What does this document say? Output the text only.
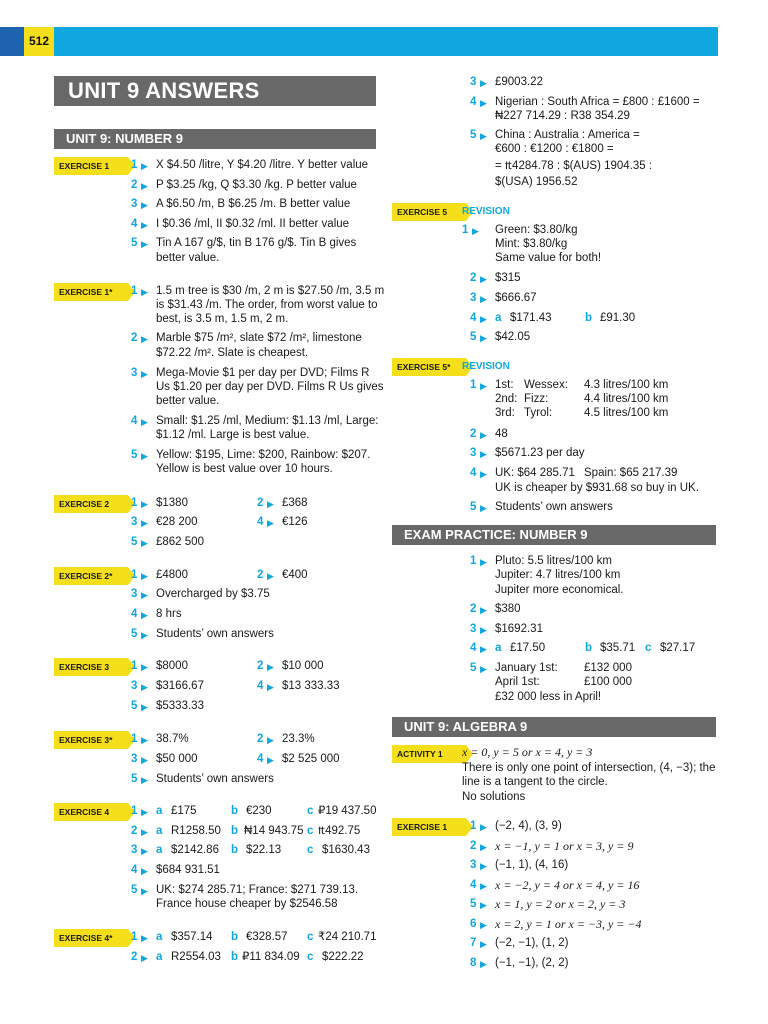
512
UNIT 9 ANSWERS
UNIT 9: NUMBER 9
EXERCISE 1	1 ▶ X $4.50 /litre, Y $4.20 /litre. Y better value
2 ▶ P $3.25 /kg, Q $3.30 /kg. P better value
3 ▶ A $6.50 /m, B $6.25 /m. B better value
4 ▶ I $0.36 /ml, II $0.32 /ml. II better value
5 ▶ Tin A 167 g/$, tin B 176 g/$. Tin B gives
better value.
EXERCISE 1*	1 ▶ 1.5 m tree is $30 /m, 2 m is $27.50 /m, 3.5 m
is $31.43 /m. The order, from worst value to
best, is 3.5 m, 1.5 m, 2 m.
2 ▶ Marble $75 /m², slate $72 /m², limestone
$72.22 /m². Slate is cheapest.
3 ▶ Mega-Movie $1 per day per DVD; Films R
Us $1.20 per day per DVD. Films R Us gives
better value.
4 ▶ Small: $1.25 /ml, Medium: $1.13 /ml, Large:
$1.12 /ml. Large is best value.
5 ▶ Yellow: $195, Lime: $200, Rainbow: $207.
Yellow is best value over 10 hours.
EXERCISE 2	1 ▶ $1380	2 ▶ £368
3 ▶ €28 200	4 ▶ €126
5 ▶ £862 500
EXERCISE 2*	1 ▶ £4800	2 ▶ €400
3 ▶ Overcharged by $3.75
4 ▶ 8 hrs
5 ▶ Students’ own answers
EXERCISE 3	1 ▶ $8000	2 ▶ $10 000
3 ▶ $3166.67	4 ▶ $13 333.33
5 ▶ $5333.33
EXERCISE 3*	1 ▶ 38.7%	2 ▶ 23.3%
3 ▶ $50 000	4 ▶ $2 525 000
5 ▶ Students’ own answers
EXERCISE 4	1 ▶ a £175	b €230	c ₽19 437.50
2 ▶ a R1258.50 b ₦14 943.75 c ₶492.75
3 ▶ a $2142.86 b $22.13 c $1630.43
4 ▶ $684 931.51
5 ▶ UK: $274 285.71; France: $271 739.13.
France house cheaper by $2546.58
EXERCISE 4*	1 ▶ a $357.14 b €328.57 c ₹24 210.71
2 ▶ a R2554.03 b ₽11 834.09 c $222.22
3 ▶ £9003.22
4 ▶ Nigerian : South Africa = £800 : £1600 =
₦227 714.29 : R38 354.29
5 ▶ China : Australia : America =
€600 : €1200 : €1800 =
= ₶4284.78 : $(AUS) 1904.35 :
$(USA) 1956.52
EXERCISE 5	REVISION
1 ▶ Green: $3.80/kg
Mint: $3.80/kg
Same value for both!
2 ▶ $315
3 ▶ $666.67
4 ▶ a $171.43	b £91.30
5 ▶ $42.05
EXERCISE 5*	REVISION
1 ▶ 1st: Wessex: 4.3 litres/100 km
2nd: Fizz:	4.4 litres/100 km
3rd: Tyrol:	4.5 litres/100 km
2 ▶ 48
3 ▶ $5671.23 per day
4 ▶ UK: $64 285.71 Spain: $65 217.39
UK is cheaper by $931.68 so buy in UK.
5 ▶ Students’ own answers
EXAM PRACTICE: NUMBER 9
1 ▶ Pluto: 5.5 litres/100 km
Jupiter: 4.7 litres/100 km
Jupiter more economical.
2 ▶ $380
3 ▶ $1692.31
4 ▶ a £17.50	b $35.71 c $27.17
5 ▶ January 1st: £132 000
April 1st:	£100 000
£32 000 less in April!
UNIT 9: ALGEBRA 9
ACTIVITY 1	x = 0, y = 5 or x = 4, y = 3
There is only one point of intersection, (4, −3); the
line is a tangent to the circle.
No solutions
EXERCISE 1	1 ▶ (−2, 4), (3, 9)
2 ▶ x = −1, y = 1 or x = 3, y = 9
3 ▶ (−1, 1), (4, 16)
4 ▶ x = −2, y = 4 or x = 4, y = 16
5 ▶ x = 1, y = 2 or x = 2, y = 3
6 ▶ x = 2, y = 1 or x = −3, y = −4
7 ▶ (−2, −1), (1, 2)
8 ▶ (−1, −1), (2, 2)
